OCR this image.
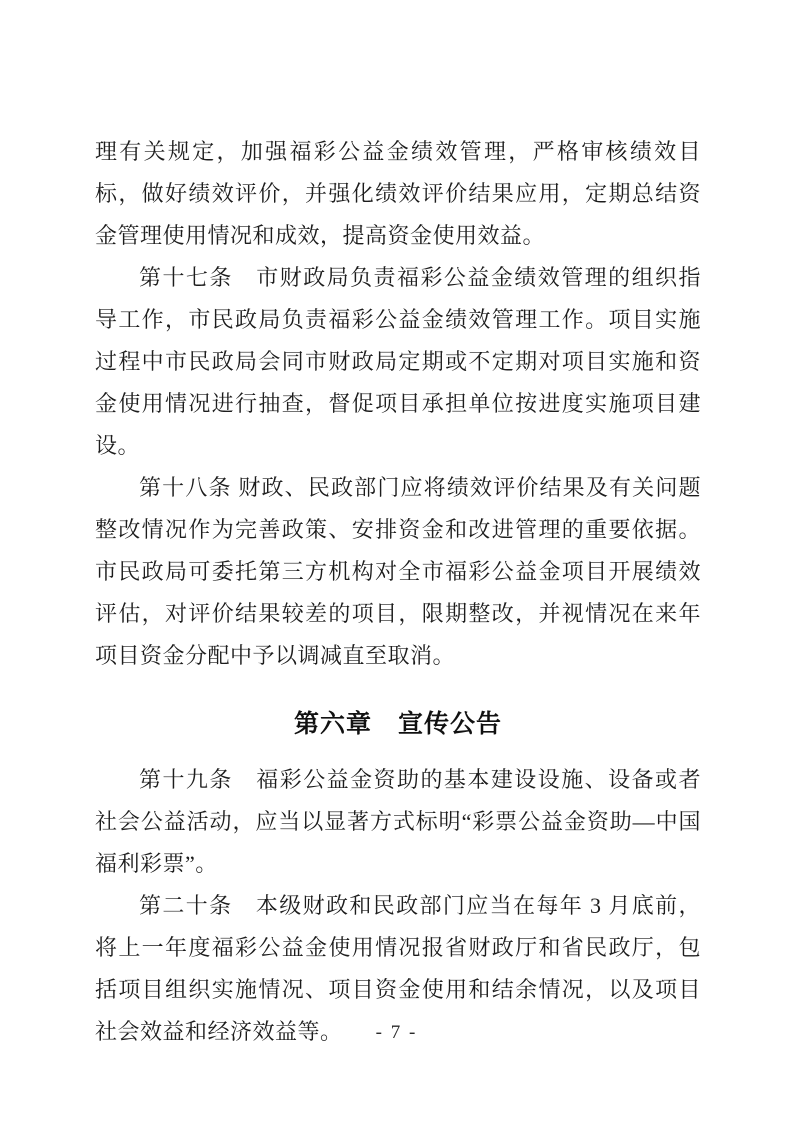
理有关规定，加强福彩公益金绩效管理，严格审核绩效目标，做好绩效评价，并强化绩效评价结果应用，定期总结资金管理使用情况和成效，提高资金使用效益。

第十七条　市财政局负责福彩公益金绩效管理的组织指导工作，市民政局负责福彩公益金绩效管理工作。项目实施过程中市民政局会同市财政局定期或不定期对项目实施和资金使用情况进行抽查，督促项目承担单位按进度实施项目建设。

第十八条 财政、民政部门应将绩效评价结果及有关问题整改情况作为完善政策、安排资金和改进管理的重要依据。市民政局可委托第三方机构对全市福彩公益金项目开展绩效评估，对评价结果较差的项目，限期整改，并视情况在来年项目资金分配中予以调减直至取消。

第六章　宣传公告

第十九条　福彩公益金资助的基本建设设施、设备或者社会公益活动，应当以显著方式标明“彩票公益金资助—中国福利彩票”。

第二十条　本级财政和民政部门应当在每年 3 月底前，将上一年度福彩公益金使用情况报省财政厅和省民政厅，包括项目组织实施情况、项目资金使用和结余情况，以及项目社会效益和经济效益等。	- 7 -
